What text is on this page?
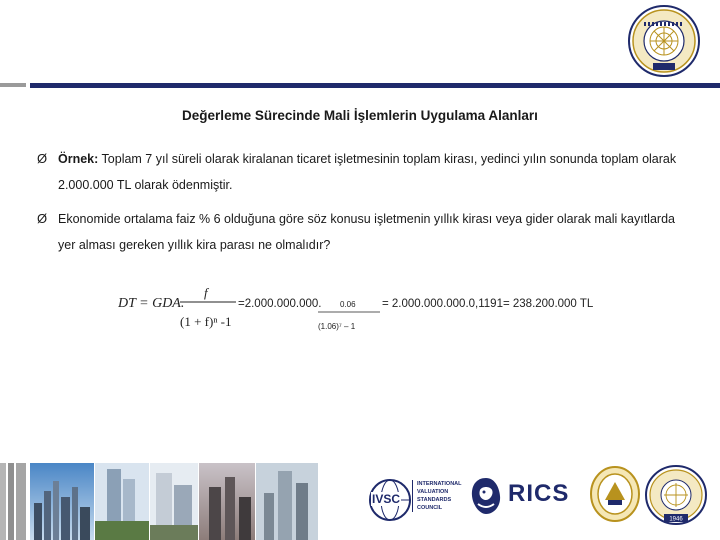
Değerleme Sürecinde Mali İşlemlerin Uygulama Alanları
Ø Örnek: Toplam 7 yıl süreli olarak kiralanan ticaret işletmesinin toplam kirası, yedinci yılın sonunda toplam olarak 2.000.000 TL olarak ödenmiştir.
Ø Ekonomide ortalama faiz % 6 olduğuna göre söz konusu işletmenin yıllık kirası veya gider olarak mali kayıtlarda yer alması gereken yıllık kira parası ne olmalıdır?
DT = GDA.
f
(1 + f)ⁿ -1
=2.000.000.000. 0.06
(1.06)⁷ – 1
= 2.000.000.000.0,1191= 238.200.000 TL
IVSC
INTERNATIONAL
VALUATION
STANDARDS
COUNCIL
RICS
1946
